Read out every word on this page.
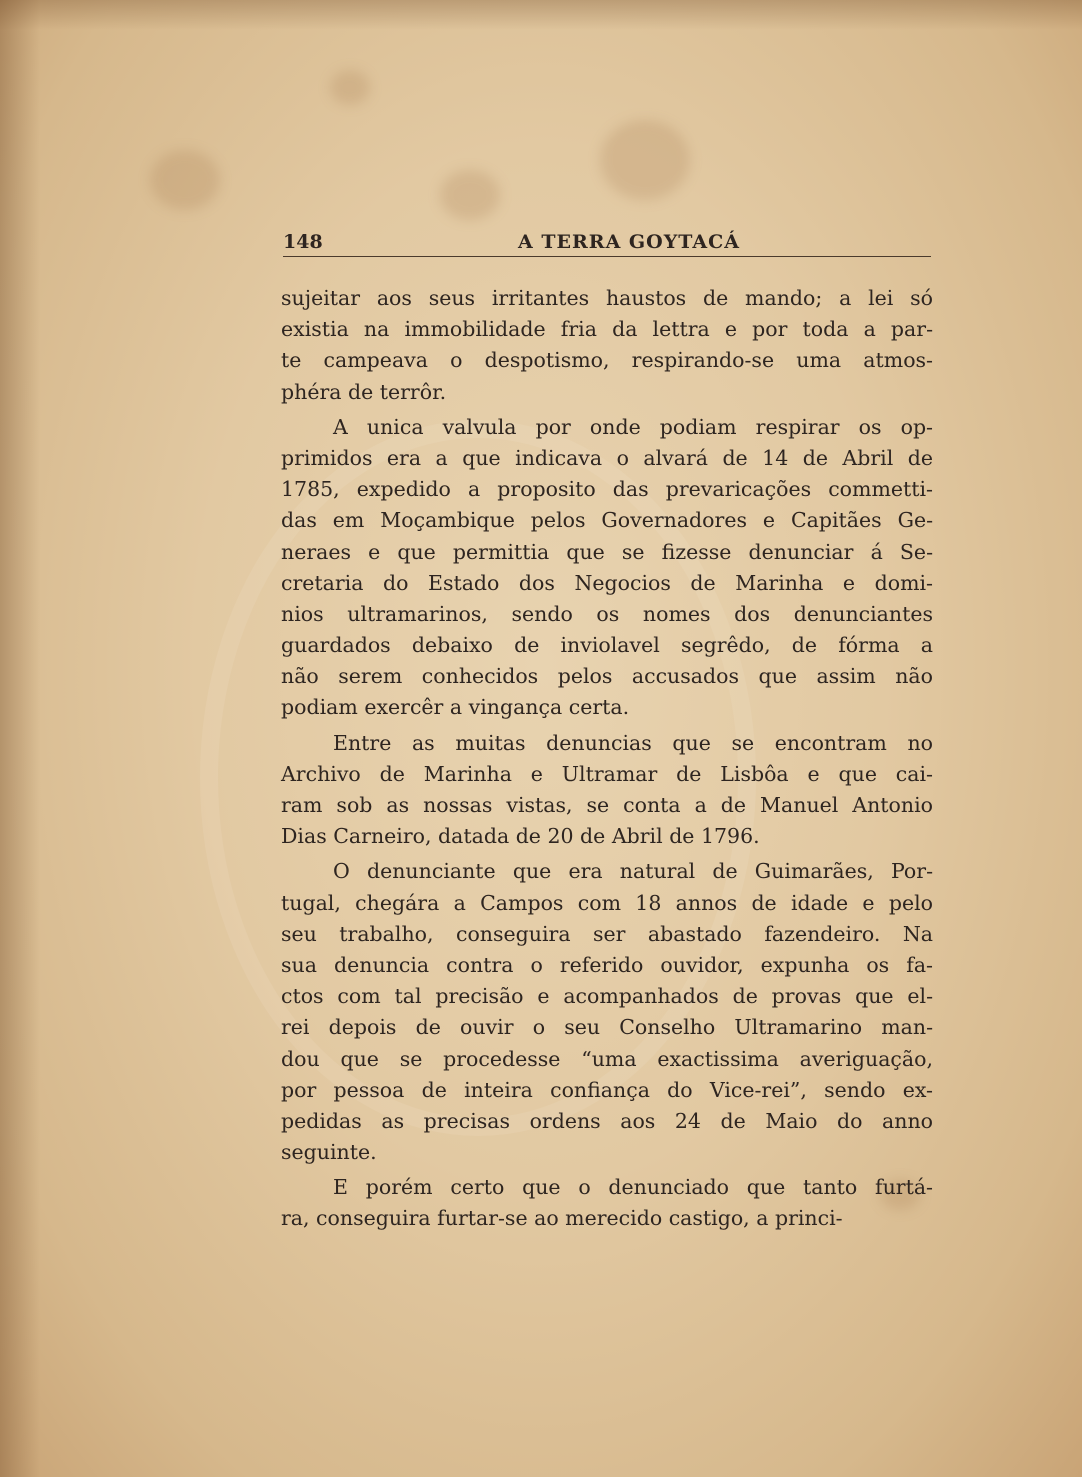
148	A TERRA GOYTACÁ
sujeitar aos seus irritantes haustos de mando; a lei só
existia na immobilidade fria da lettra e por toda a par-
te campeava o despotismo, respirando-se uma atmos-
phéra de terrôr.
A unica valvula por onde podiam respirar os op-
primidos era a que indicava o alvará de 14 de Abril de
1785, expedido a proposito das prevaricações commetti-
das em Moçambique pelos Governadores e Capitães Ge-
neraes e que permittia que se fizesse denunciar á Se-
cretaria do Estado dos Negocios de Marinha e domi-
nios ultramarinos, sendo os nomes dos denunciantes
guardados debaixo de inviolavel segrêdo, de fórma a
não serem conhecidos pelos accusados que assim não
podiam exercêr a vingança certa.
Entre as muitas denuncias que se encontram no
Archivo de Marinha e Ultramar de Lisbôa e que cai-
ram sob as nossas vistas, se conta a de Manuel Antonio
Dias Carneiro, datada de 20 de Abril de 1796.
O denunciante que era natural de Guimarães, Por-
tugal, chegára a Campos com 18 annos de idade e pelo
seu trabalho, conseguira ser abastado fazendeiro. Na
sua denuncia contra o referido ouvidor, expunha os fa-
ctos com tal precisão e acompanhados de provas que el-
rei depois de ouvir o seu Conselho Ultramarino man-
dou que se procedesse “uma exactissima averiguação,
por pessoa de inteira confiança do Vice-rei”, sendo ex-
pedidas as precisas ordens aos 24 de Maio do anno
seguinte.
E porém certo que o denunciado que tanto furtá-
ra, conseguira furtar-se ao merecido castigo, a princi-
